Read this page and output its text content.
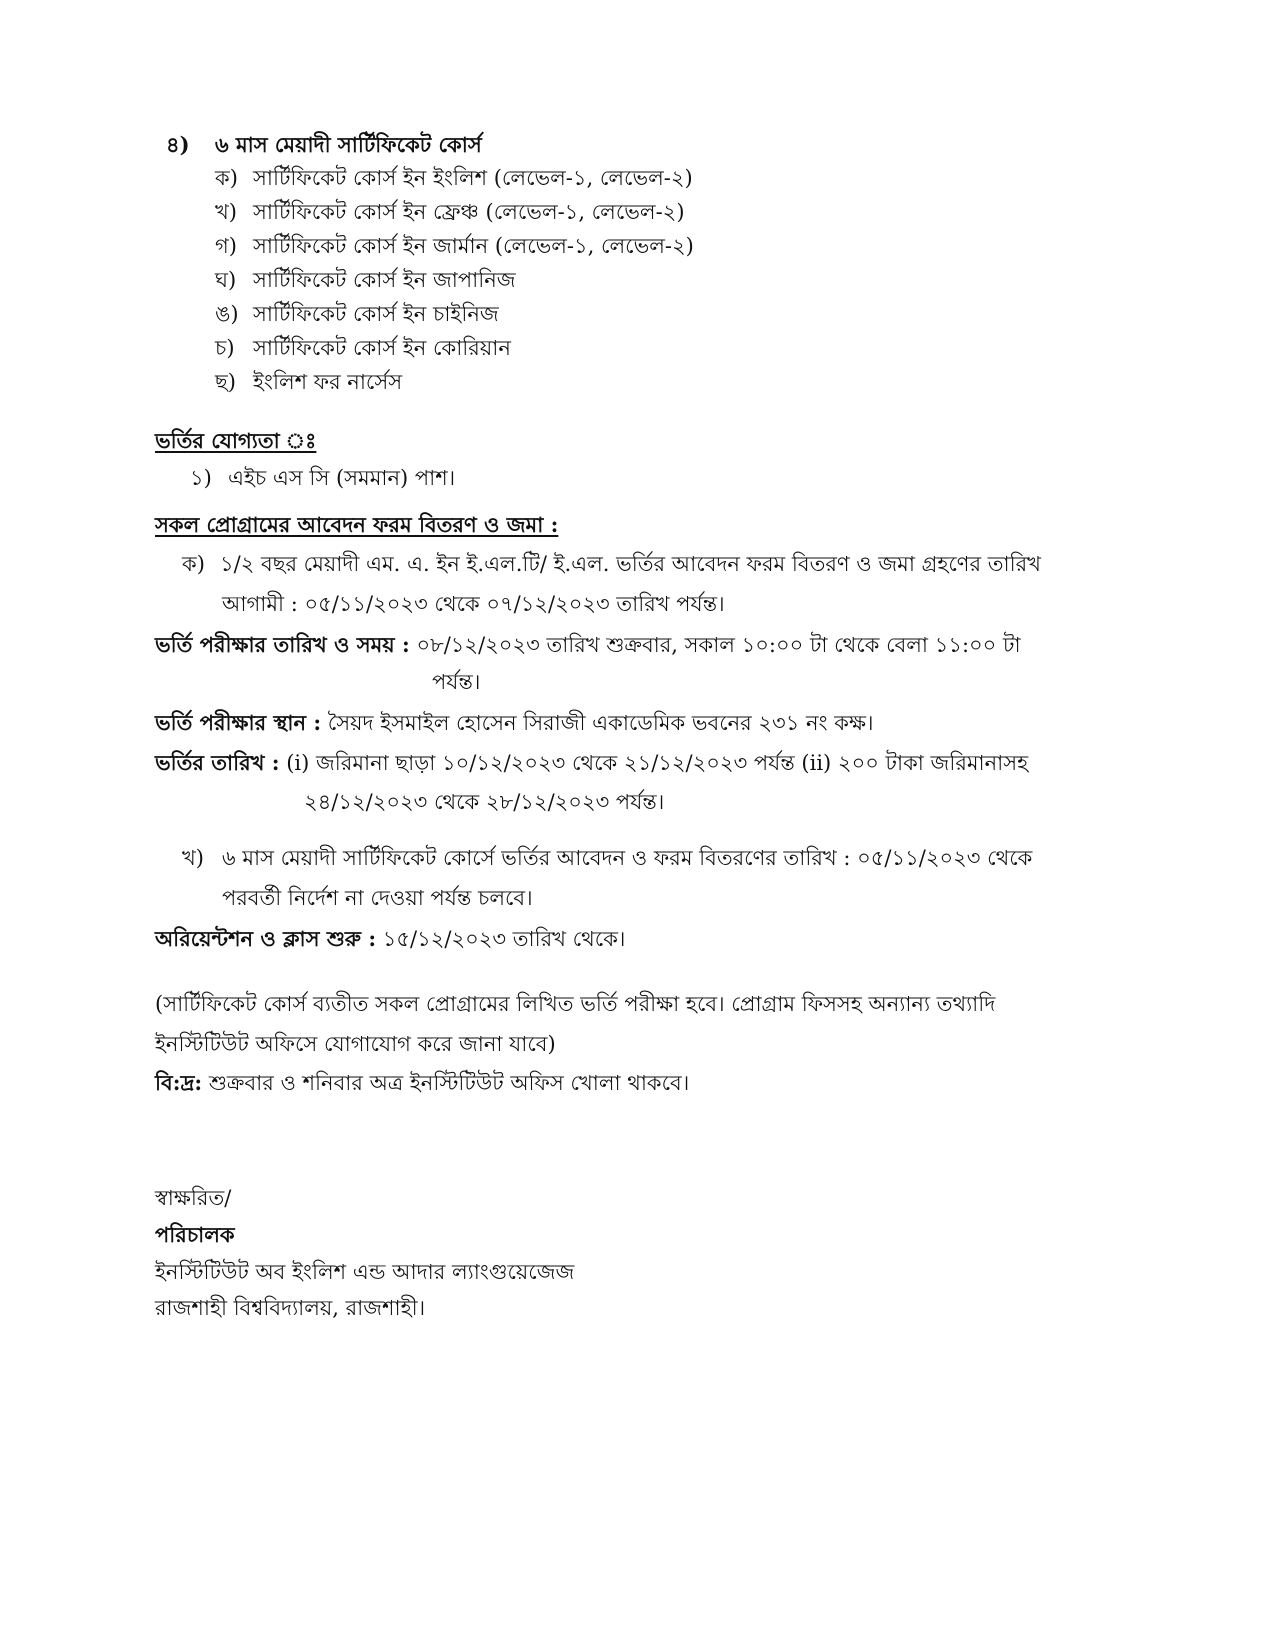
৪) ৬ মাস মেয়াদী সার্টিফিকেট কোর্স
ক) সার্টিফিকেট কোর্স ইন ইংলিশ (লেভেল-১, লেভেল-২)
খ) সার্টিফিকেট কোর্স ইন ফ্রেঞ্চ (লেভেল-১, লেভেল-২)
গ) সার্টিফিকেট কোর্স ইন জার্মান (লেভেল-১, লেভেল-২)
ঘ) সার্টিফিকেট কোর্স ইন জাপানিজ
ঙ) সার্টিফিকেট কোর্স ইন চাইনিজ
চ) সার্টিফিকেট কোর্স ইন কোরিয়ান
ছ) ইংলিশ ফর নার্সেস
ভর্তির যোগ্যতা ঃ
১) এইচ এস সি (সমমান) পাশ।
সকল প্রোগ্রামের আবেদন ফরম বিতরণ ও জমা :
ক) ১/২ বছর মেয়াদী এম. এ. ইন ই.এল.টি/ ই.এল. ভর্তির আবেদন ফরম বিতরণ ও জমা গ্রহণের তারিখ
আগামী : ০৫/১১/২০২৩ থেকে ০৭/১২/২০২৩ তারিখ পর্যন্ত।
ভর্তি পরীক্ষার তারিখ ও সময় : ০৮/১২/২০২৩ তারিখ শুক্রবার, সকাল ১০:০০ টা থেকে বেলা ১১:০০ টা
পর্যন্ত।
ভর্তি পরীক্ষার স্থান : সৈয়দ ইসমাইল হোসেন সিরাজী একাডেমিক ভবনের ২৩১ নং কক্ষ।
ভর্তির তারিখ : (i) জরিমানা ছাড়া ১০/১২/২০২৩ থেকে ২১/১২/২০২৩ পর্যন্ত (ii) ২০০ টাকা জরিমানাসহ
২৪/১২/২০২৩ থেকে ২৮/১২/২০২৩ পর্যন্ত।
খ) ৬ মাস মেয়াদী সার্টিফিকেট কোর্সে ভর্তির আবেদন ও ফরম বিতরণের তারিখ : ০৫/১১/২০২৩ থেকে
পরবর্তী নির্দেশ না দেওয়া পর্যন্ত চলবে।
অরিয়েন্টশন ও ক্লাস শুরু : ১৫/১২/২০২৩ তারিখ থেকে।
(সার্টিফিকেট কোর্স ব্যতীত সকল প্রোগ্রামের লিখিত ভর্তি পরীক্ষা হবে। প্রোগ্রাম ফিসসহ অন্যান্য তথ্যাদি
ইনস্টিটিউট অফিসে যোগাযোগ করে জানা যাবে)
বি:দ্র: শুক্রবার ও শনিবার অত্র ইনস্টিটিউট অফিস খোলা থাকবে।
স্বাক্ষরিত/
পরিচালক
ইনস্টিটিউট অব ইংলিশ এন্ড আদার ল্যাংগুয়েজেজ
রাজশাহী বিশ্ববিদ্যালয়, রাজশাহী।
